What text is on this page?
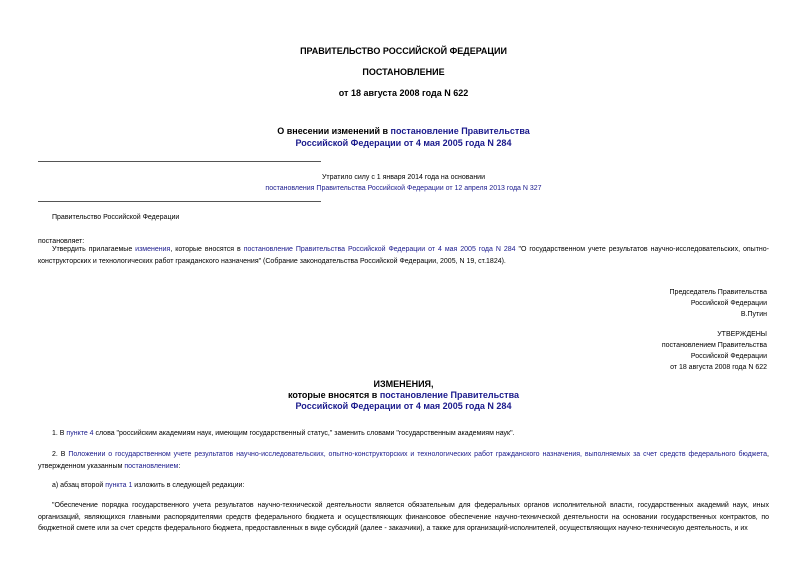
ПРАВИТЕЛЬСТВО РОССИЙСКОЙ ФЕДЕРАЦИИ
ПОСТАНОВЛЕНИЕ
от 18 августа 2008 года N 622
О внесении изменений в постановление Правительства
Российской Федерации от 4 мая 2005 года N 284
Утратило силу с 1 января 2014 года на основании
постановления Правительства Российской Федерации от 12 апреля 2013 года N 327
Правительство Российской Федерации
постановляет:
Утвердить прилагаемые изменения, которые вносятся в постановление Правительства Российской Федерации от 4 мая 2005 года N 284 "О государственном учете результатов научно-исследовательских, опытно-конструкторских и технологических работ гражданского назначения" (Собрание законодательства Российской Федерации, 2005, N 19, ст.1824).
Председатель Правительства
Российской Федерации
В.Путин
УТВЕРЖДЕНЫ
постановлением Правительства
Российской Федерации
от 18 августа 2008 года N 622
ИЗМЕНЕНИЯ,
которые вносятся в постановление Правительства
Российской Федерации от 4 мая 2005 года N 284
1. В пункте 4 слова "российским академиям наук, имеющим государственный статус," заменить словами "государственным академиям наук".
2. В Положении о государственном учете результатов научно-исследовательских, опытно-конструкторских и технологических работ гражданского назначения, выполняемых за счет средств федерального бюджета, утвержденном указанным постановлением:
а) абзац второй пункта 1 изложить в следующей редакции:
"Обеспечение порядка государственного учета результатов научно-технической деятельности является обязательным для федеральных органов исполнительной власти, государственных академий наук, иных организаций, являющихся главными распорядителями средств федерального бюджета и осуществляющих финансовое обеспечение научно-технической деятельности на основании государственных контрактов, по бюджетной смете или за счет средств федерального бюджета, предоставленных в виде субсидий (далее - заказчики), а также для организаций-исполнителей, осуществляющих научно-техническую деятельность, и их
